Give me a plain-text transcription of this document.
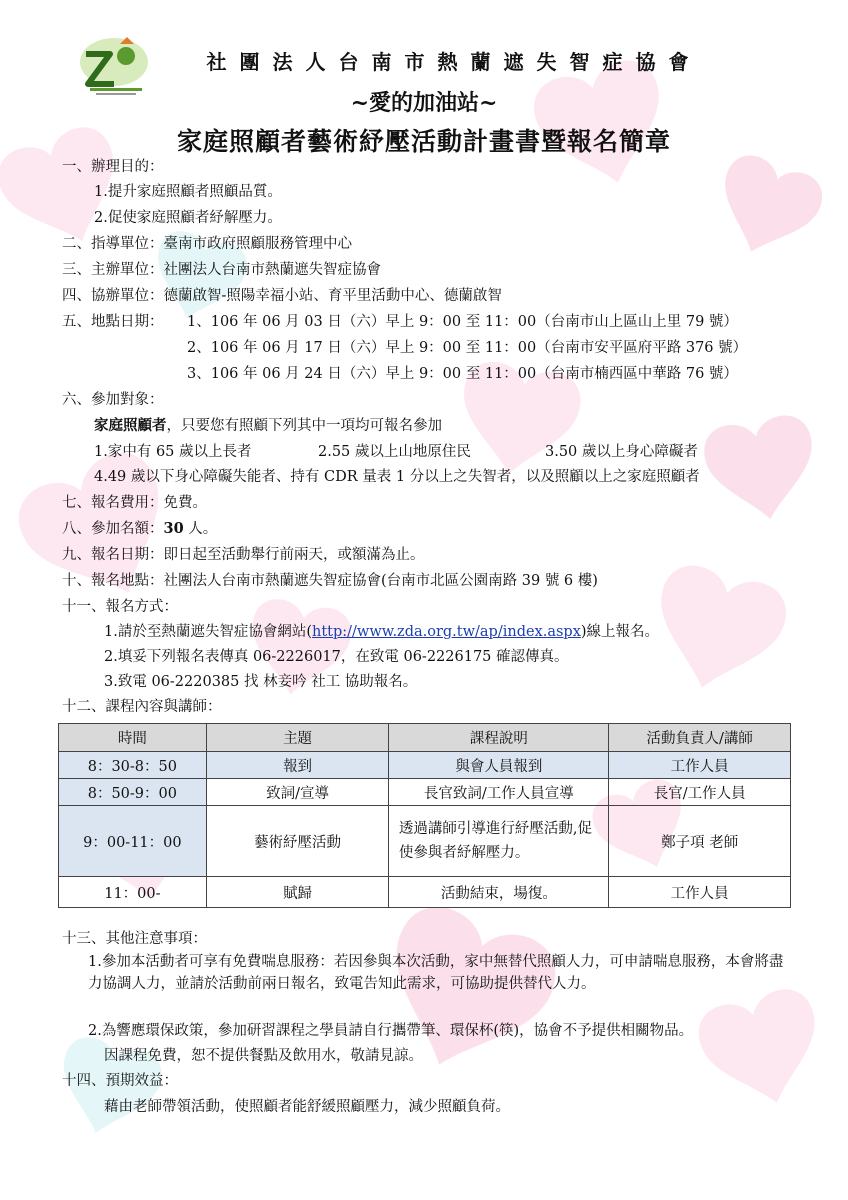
社團法人台南市熱蘭遮失智症協會
~愛的加油站~
家庭照顧者藝術紓壓活動計畫書暨報名簡章
一、辦理目的：
1.提升家庭照顧者照顧品質。
2.促使家庭照顧者紓解壓力。
二、指導單位：臺南市政府照顧服務管理中心
三、主辦單位：社團法人台南市熱蘭遮失智症協會
四、協辦單位：德蘭啟智-照陽幸福小站、育平里活動中心、德蘭啟智
五、地點日期： 1、106 年 06 月 03 日（六）早上 9：00 至 11：00（台南市山上區山上里 79 號）
2、106 年 06 月 17 日（六）早上 9：00 至 11：00（台南市安平區府平路 376 號）
3、106 年 06 月 24 日（六）早上 9：00 至 11：00（台南市楠西區中華路 76 號）
六、參加對象：
家庭照顧者，只要您有照顧下列其中一項均可報名參加
1.家中有 65 歲以上長者	2.55 歲以上山地原住民	3.50 歲以上身心障礙者
4.49 歲以下身心障礙失能者、持有 CDR 量表 1 分以上之失智者，以及照顧以上之家庭照顧者
七、報名費用：免費。
八、參加名額：30 人。
九、報名日期：即日起至活動舉行前兩天，或額滿為止。
十、報名地點：社團法人台南市熱蘭遮失智症協會(台南市北區公園南路 39 號 6 樓)
十一、報名方式：
1.請於至熱蘭遮失智症協會網站(http://www.zda.org.tw/ap/index.aspx)線上報名。
2.填妥下列報名表傳真 06-2226017，在致電 06-2226175 確認傳真。
3.致電 06-2220385 找 林妾吟 社工 協助報名。
十二、課程內容與講師：
時間	主題	課程說明	活動負責人/講師
8：30-8：50	報到	與會人員報到	工作人員
8：50-9：00	致詞/宣導	長官致詞/工作人員宣導	長官/工作人員
9：00-11：00	藝術紓壓活動	透過講師引導進行紓壓活動,促使參與者紓解壓力。	鄭子項 老師
11：00-	賦歸	活動結束，場復。	工作人員
十三、其他注意事項：
1.參加本活動者可享有免費喘息服務：若因參與本次活動，家中無替代照顧人力，可申請喘息服務，本會將盡力協調人力，並請於活動前兩日報名，致電告知此需求，可協助提供替代人力。
2.為響應環保政策，參加研習課程之學員請自行攜帶筆、環保杯(筷)，協會不予提供相關物品。
因課程免費，恕不提供餐點及飲用水，敬請見諒。
十四、預期效益：
藉由老師帶領活動，使照顧者能舒緩照顧壓力，減少照顧負荷。
